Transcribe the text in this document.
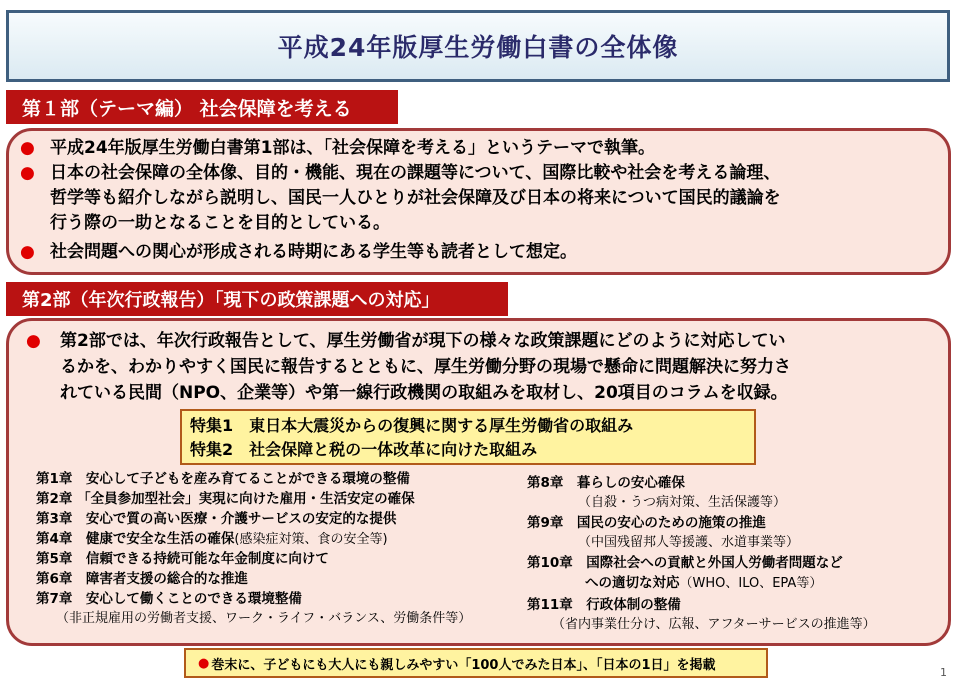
平成24年版厚生労働白書の全体像
第１部（テーマ編） 社会保障を考える
● 平成24年版厚生労働白書第1部は、「社会保障を考える」というテーマで執筆。
● 日本の社会保障の全体像、目的・機能、現在の課題等について、国際比較や社会を考える論理、
哲学等も紹介しながら説明し、国民一人ひとりが社会保障及び日本の将来について国民的議論を
行う際の一助となることを目的としている。
● 社会問題への関心が形成される時期にある学生等も読者として想定。
第2部（年次行政報告）「現下の政策課題への対応」
● 第2部では、年次行政報告として、厚生労働省が現下の様々な政策課題にどのように対応してい
るかを、わかりやすく国民に報告するとともに、厚生労働分野の現場で懸命に問題解決に努力さ
れている民間（NPO、企業等）や第一線行政機関の取組みを取材し、20項目のコラムを収録。
特集1　東日本大震災からの復興に関する厚生労働省の取組み
特集2　社会保障と税の一体改革に向けた取組み
第1章　安心して子どもを産み育てることができる環境の整備
第2章 「全員参加型社会」実現に向けた雇用・生活安定の確保
第3章　安心で質の高い医療・介護サービスの安定的な提供
第4章　健康で安全な生活の確保(感染症対策、食の安全等)
第5章　信頼できる持続可能な年金制度に向けて
第6章　障害者支援の総合的な推進
第7章　安心して働くことのできる環境整備
（非正規雇用の労働者支援、ワーク・ライフ・バランス、労働条件等）
第8章　暮らしの安心確保
（自殺・うつ病対策、生活保護等）
第9章　国民の安心のための施策の推進
（中国残留邦人等援護、水道事業等）
第10章　国際社会への貢献と外国人労働者問題など
への適切な対応（WHO、ILO、EPA等）
第11章　行政体制の整備
（省内事業仕分け、広報、アフターサービスの推進等）
● 巻末に、子どもにも大人にも親しみやすい「100人でみた日本」、「日本の1日」を掲載	1
